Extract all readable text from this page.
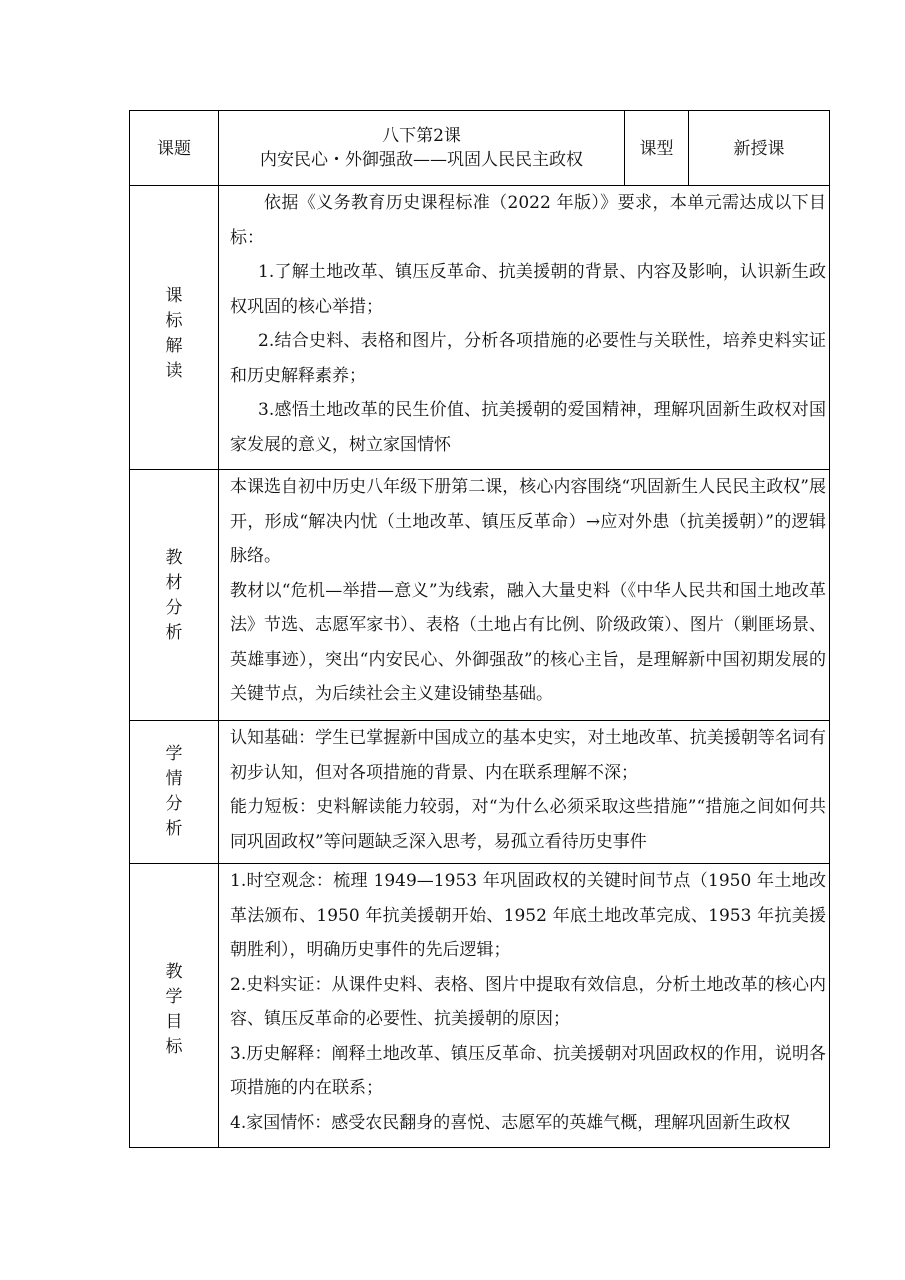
课题
八下第2课
内安民心・外御强敌——巩固人民民主政权
课型	新授课
课
标
解
读

依据《义务教育历史课程标准（2022 年版）》要求，本单元需达成以下目标：

1.了解土地改革、镇压反革命、抗美援朝的背景、内容及影响，认识新生政权巩固的核心举措；

2.结合史料、表格和图片，分析各项措施的必要性与关联性，培养史料实证和历史解释素养；

3.感悟土地改革的民生价值、抗美援朝的爱国精神，理解巩固新生政权对国家发展的意义，树立家国情怀

教
材
分
析

本课选自初中历史八年级下册第二课，核心内容围绕“巩固新生人民民主政权”展开，形成“解决内忧（土地改革、镇压反革命）→应对外患（抗美援朝）”的逻辑脉络。

教材以“危机—举措—意义”为线索，融入大量史料（《中华人民共和国土地改革法》节选、志愿军家书）、表格（土地占有比例、阶级政策）、图片（剿匪场景、英雄事迹），突出“内安民心、外御强敌”的核心主旨，是理解新中国初期发展的关键节点，为后续社会主义建设铺垫基础。

学
情
分
析

认知基础：学生已掌握新中国成立的基本史实，对土地改革、抗美援朝等名词有初步认知，但对各项措施的背景、内在联系理解不深；

能力短板：史料解读能力较弱，对“为什么必须采取这些措施”“措施之间如何共同巩固政权”等问题缺乏深入思考，易孤立看待历史事件

教
学
目
标

1.时空观念：梳理 1949—1953 年巩固政权的关键时间节点（1950 年土地改革法颁布、1950 年抗美援朝开始、1952 年底土地改革完成、1953 年抗美援朝胜利），明确历史事件的先后逻辑；

2.史料实证：从课件史料、表格、图片中提取有效信息，分析土地改革的核心内容、镇压反革命的必要性、抗美援朝的原因；

3.历史解释：阐释土地改革、镇压反革命、抗美援朝对巩固政权的作用，说明各项措施的内在联系；

4.家国情怀：感受农民翻身的喜悦、志愿军的英雄气概，理解巩固新生政权
